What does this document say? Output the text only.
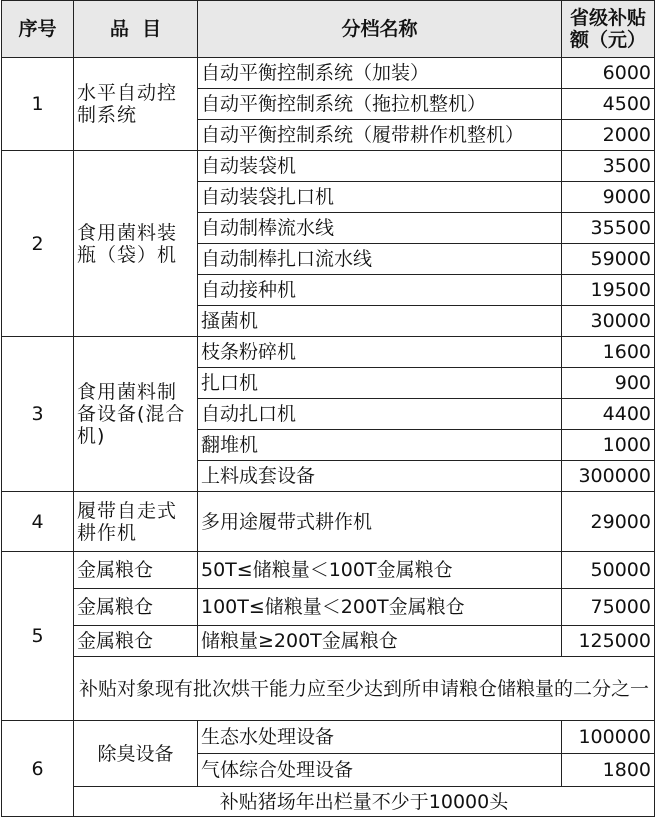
序号	品  目	分档名称	省级补贴额（元）
1	水平自动控制系统	自动平衡控制系统（加装）	6000
		自动平衡控制系统（拖拉机整机）	4500
		自动平衡控制系统（履带耕作机整机）	2000
2	食用菌料装瓶（袋）机	自动装袋机	3500
		自动装袋扎口机	9000
		自动制棒流水线	35500
		自动制棒扎口流水线	59000
		自动接种机	19500
		搔菌机	30000
3	食用菌料制备设备(混合机)	枝条粉碎机	1600
		扎口机	900
		自动扎口机	4400
		翻堆机	1000
		上料成套设备	300000
4	履带自走式耕作机	多用途履带式耕作机	29000
5	金属粮仓	50T≤储粮量＜100T金属粮仓	50000
	金属粮仓	100T≤储粮量＜200T金属粮仓	75000
	金属粮仓	储粮量≥200T金属粮仓	125000
	补贴对象现有批次烘干能力应至少达到所申请粮仓储粮量的二分之一		
6	除臭设备	生态水处理设备	100000
		气体综合处理设备	1800
	补贴猪场年出栏量不少于10000头		
